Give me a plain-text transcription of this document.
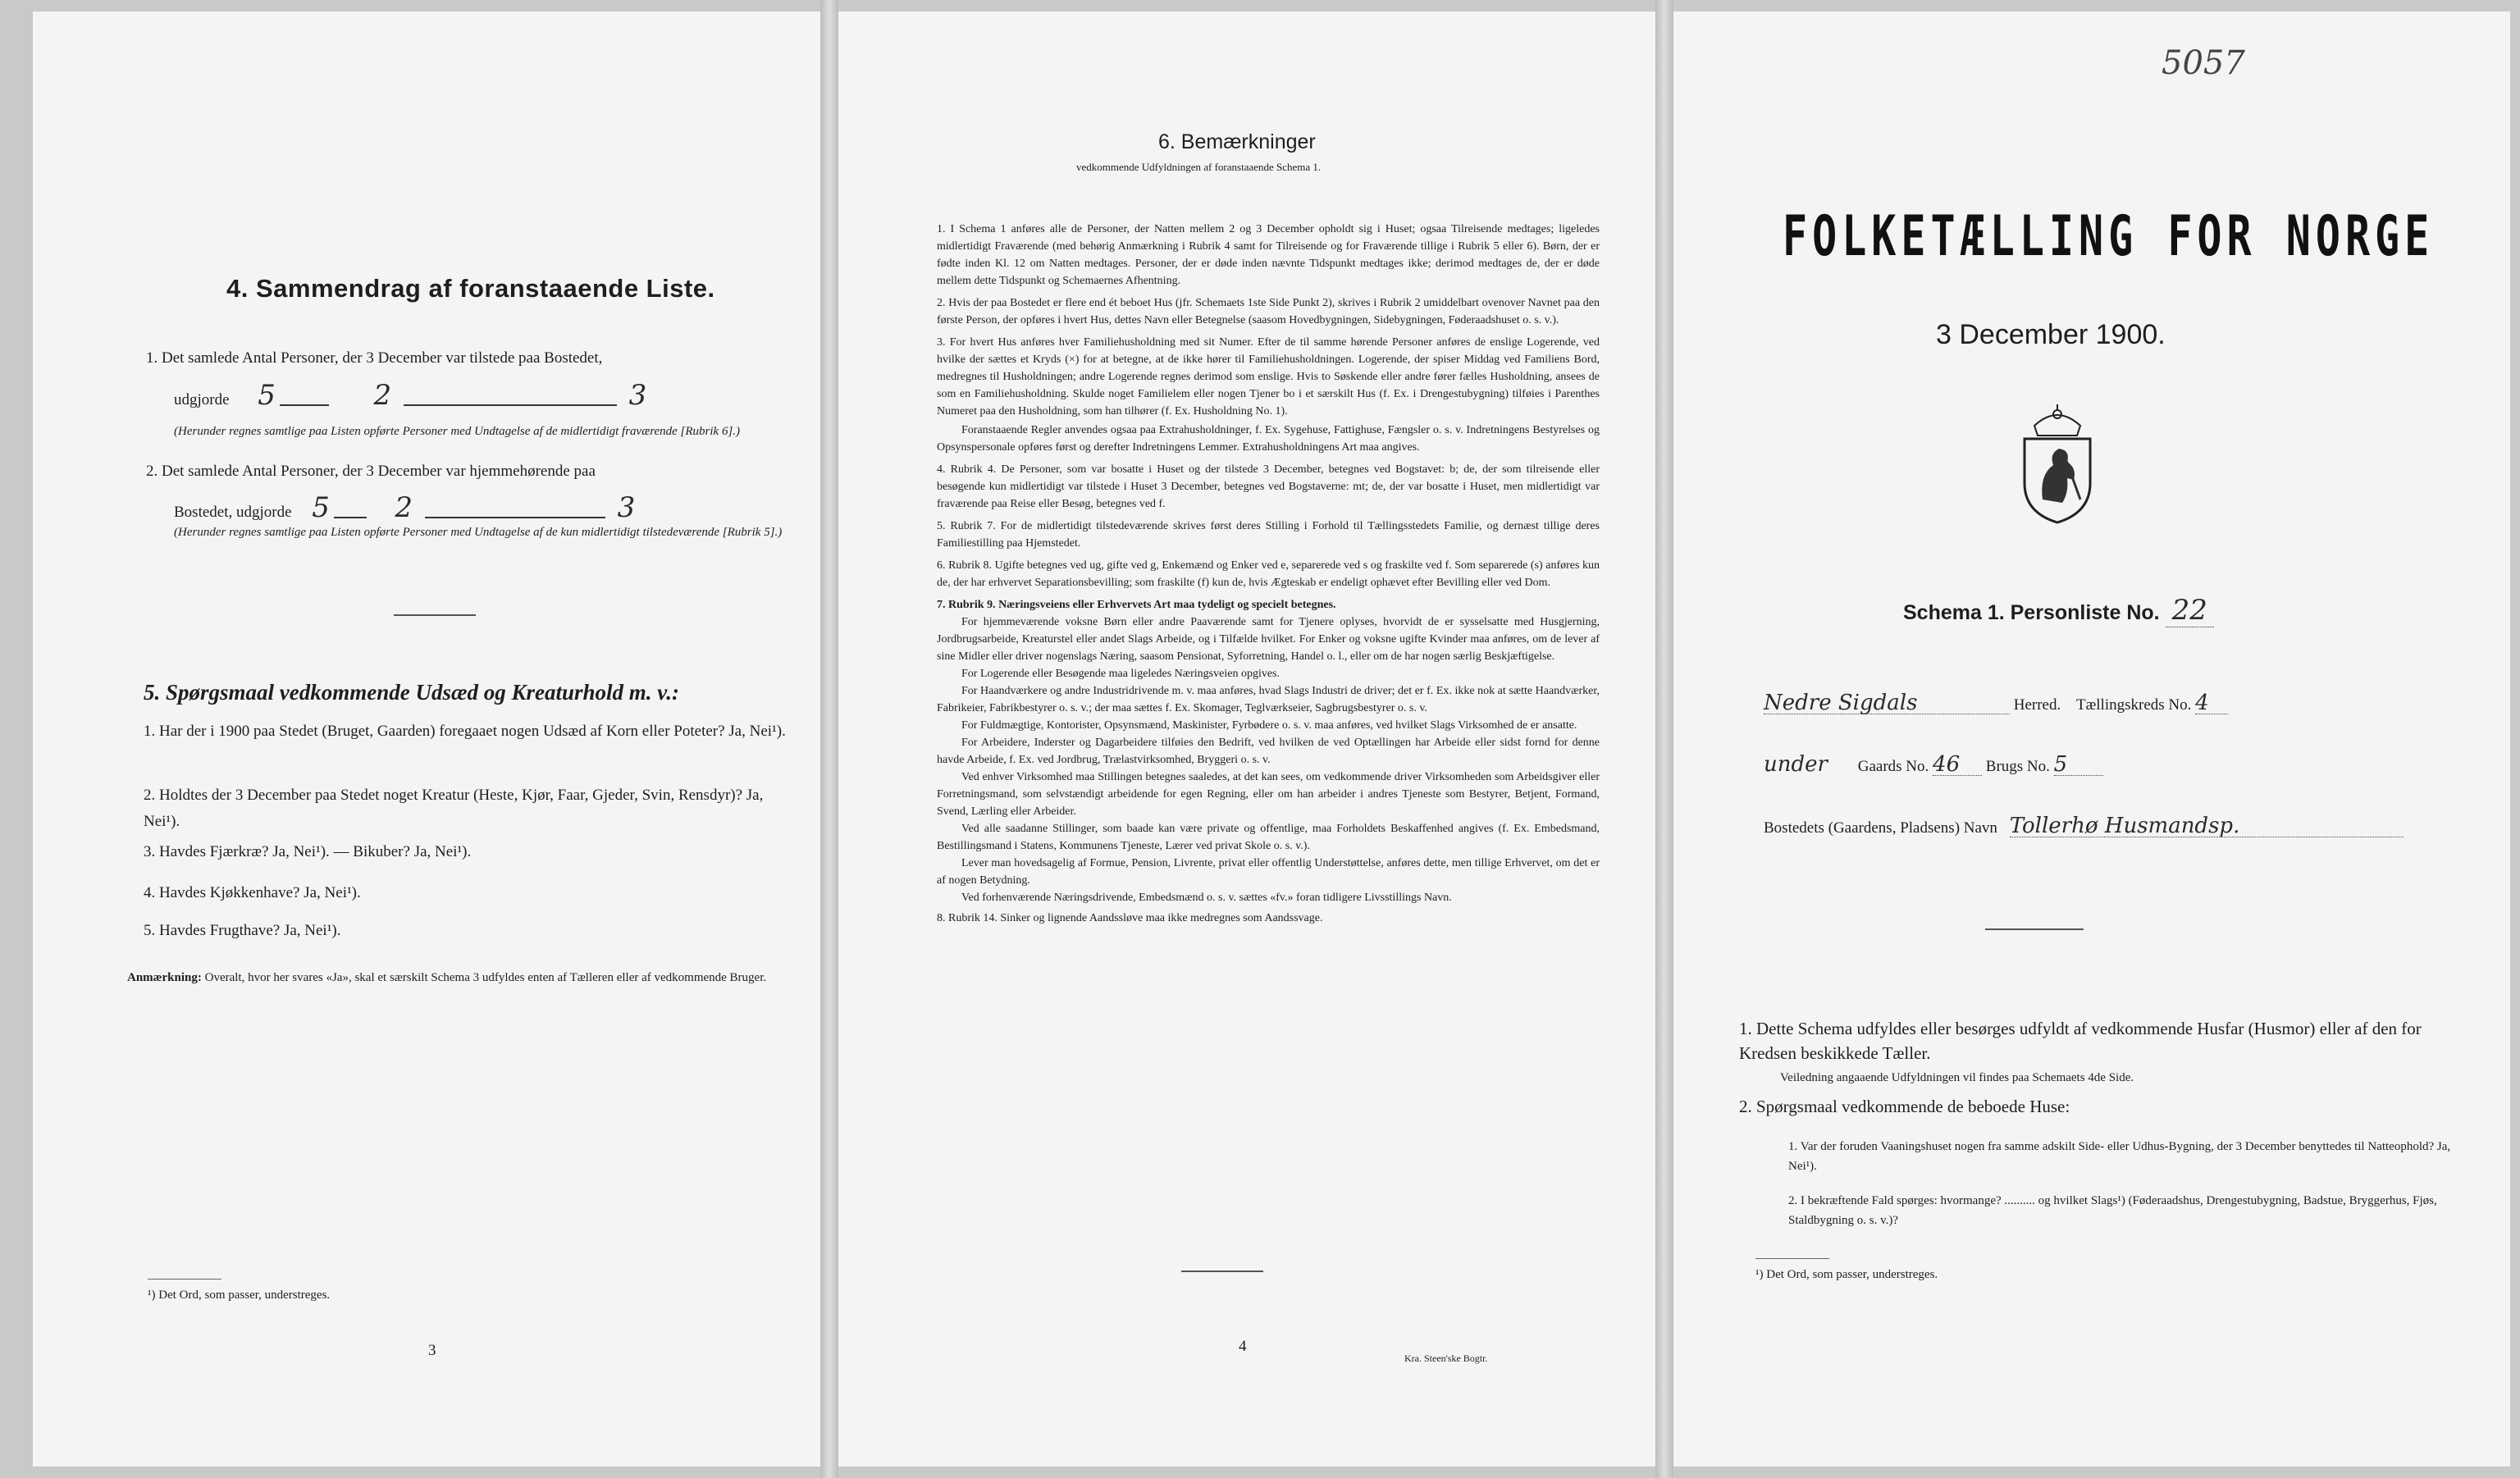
4. Sammendrag af foranstaaende Liste.
1. Det samlede Antal Personer, der 3 December var tilstede paa Bostedet,
udgjorde 5	2	3
(Herunder regnes samtlige paa Listen opførte Personer med Undtagelse af de midlertidigt fraværende [Rubrik 6].)
2. Det samlede Antal Personer, der 3 December var hjemmehørende paa
Bostedet, udgjorde 5 2	3
(Herunder regnes samtlige paa Listen opførte Personer med Undtagelse af de kun midlertidigt tilstedeværende [Rubrik 5].)
5. Spørgsmaal vedkommende Udsæd og Kreaturhold m. v.:
1. Har der i 1900 paa Stedet (Bruget, Gaarden) foregaaet nogen Udsæd af Korn eller Poteter? Ja, Nei¹).
2. Holdtes der 3 December paa Stedet noget Kreatur (Heste, Kjør, Faar, Gjeder, Svin, Rensdyr)? Ja, Nei¹).
3. Havdes Fjærkræ? Ja, Nei¹). — Bikuber? Ja, Nei¹).
4. Havdes Kjøkkenhave? Ja, Nei¹).
5. Havdes Frugthave? Ja, Nei¹).
Anmærkning: Overalt, hvor her svares «Ja», skal et særskilt Schema 3 udfyldes enten af Tælleren eller af vedkommende Bruger.
¹) Det Ord, som passer, understreges.
3
6. Bemærkninger
vedkommende Udfyldningen af foranstaaende Schema 1.
1. I Schema 1 anføres alle de Personer, der Natten mellem 2 og 3 December opholdt sig i Huset; ogsaa Tilreisende medtages; ligeledes midlertidigt Fraværende (med behørig Anmærkning i Rubrik 4 samt for Tilreisende og for Fraværende tillige i Rubrik 5 eller 6). Børn, der er fødte inden Kl. 12 om Natten medtages. Personer, der er døde inden nævnte Tidspunkt medtages ikke; derimod medtages de, der er døde mellem dette Tidspunkt og Schemaernes Afhentning.
2. Hvis der paa Bostedet er flere end ét beboet Hus (jfr. Schemaets 1ste Side Punkt 2), skrives i Rubrik 2 umiddelbart ovenover Navnet paa den første Person, der opføres i hvert Hus, dettes Navn eller Betegnelse (saasom Hovedbygningen, Sidebygningen, Føderaadshuset o. s. v.).
3. For hvert Hus anføres hver Familiehusholdning med sit Numer. Efter de til samme hørende Personer anføres de enslige Logerende, ved hvilke der sættes et Kryds (×) for at betegne, at de ikke hører til Familiehusholdningen. Logerende, der spiser Middag ved Familiens Bord, medregnes til Husholdningen; andre Logerende regnes derimod som enslige. Hvis to Søskende eller andre fører fælles Husholdning, ansees de som en Familiehusholdning. Skulde noget Familielem eller nogen Tjener bo i et særskilt Hus (f. Ex. i Drengestubygning) tilføies i Parenthes Numeret paa den Husholdning, som han tilhører (f. Ex. Husholdning No. 1).
Foranstaaende Regler anvendes ogsaa paa Extrahusholdninger, f. Ex. Sygehuse, Fattighuse, Fængsler o. s. v. Indretningens Bestyrelses og Opsynspersonale opføres først og derefter Indretningens Lemmer. Extrahusholdningens Art maa angives.
4. Rubrik 4. De Personer, som var bosatte i Huset og der tilstede 3 December, betegnes ved Bogstavet: b; de, der som tilreisende eller besøgende kun midlertidigt var tilstede i Huset 3 December, betegnes ved Bogstaverne: mt; de, der var bosatte i Huset, men midlertidigt var fraværende paa Reise eller Besøg, betegnes ved f.
5. Rubrik 7. For de midlertidigt tilstedeværende skrives først deres Stilling i Forhold til Tællingsstedets Familie, og dernæst tillige deres Familiestilling paa Hjemstedet.
6. Rubrik 8. Ugifte betegnes ved ug, gifte ved g, Enkemænd og Enker ved e, separerede ved s og fraskilte ved f. Som separerede (s) anføres kun de, der har erhvervet Separationsbevilling; som fraskilte (f) kun de, hvis Ægteskab er endeligt ophævet efter Bevilling eller ved Dom.
7. Rubrik 9. Næringsveiens eller Erhvervets Art maa tydeligt og specielt betegnes.
For hjemmeværende voksne Børn eller andre Paaværende samt for Tjenere oplyses, hvorvidt de er sysselsatte med Husgjerning, Jordbrugsarbeide, Kreaturstel eller andet Slags Arbeide, og i Tilfælde hvilket. For Enker og voksne ugifte Kvinder maa anføres, om de lever af sine Midler eller driver nogenslags Næring, saasom Pensionat, Syforretning, Handel o. l., eller om de har nogen særlig Beskjæftigelse.
For Logerende eller Besøgende maa ligeledes Næringsveien opgives.
For Haandværkere og andre Industridrivende m. v. maa anføres, hvad Slags Industri de driver; det er f. Ex. ikke nok at sætte Haandværker, Fabrikeier, Fabrikbestyrer o. s. v.; der maa sættes f. Ex. Skomager, Teglværkseier, Sagbrugsbestyrer o. s. v.
For Fuldmægtige, Kontorister, Opsynsmænd, Maskinister, Fyrbødere o. s. v. maa anføres, ved hvilket Slags Virksomhed de er ansatte.
For Arbeidere, Inderster og Dagarbeidere tilføies den Bedrift, ved hvilken de ved Optællingen har Arbeide eller sidst fornd for denne havde Arbeide, f. Ex. ved Jordbrug, Trælastvirksomhed, Bryggeri o. s. v.
Ved enhver Virksomhed maa Stillingen betegnes saaledes, at det kan sees, om vedkommende driver Virksomheden som Arbeidsgiver eller Forretningsmand, som selvstændigt arbeidende for egen Regning, eller om han arbeider i andres Tjeneste som Bestyrer, Betjent, Formand, Svend, Lærling eller Arbeider.
Ved alle saadanne Stillinger, som baade kan være private og offentlige, maa Forholdets Beskaffenhed angives (f. Ex. Embedsmand, Bestillingsmand i Statens, Kommunens Tjeneste, Lærer ved privat Skole o. s. v.).
Lever man hovedsagelig af Formue, Pension, Livrente, privat eller offentlig Understøttelse, anføres dette, men tillige Erhvervet, om det er af nogen Betydning.
Ved forhenværende Næringsdrivende, Embedsmænd o. s. v. sættes «fv.» foran tidligere Livsstillings Navn.
8. Rubrik 14. Sinker og lignende Aandssløve maa ikke medregnes som Aandssvage.
4
Kra. Steen'ske Bogtr.
5057
FOLKETÆLLING FOR NORGE
3 December 1900.
Schema 1. Personliste No. 22
Nedre Sigdals	Herred. Tællingskreds No. 4
under Gaards No. 46 Brugs No. 5
Bostedets (Gaardens, Pladsens) Navn Tollerhø Husmandsp.
1. Dette Schema udfyldes eller besørges udfyldt af vedkommende Husfar (Husmor) eller af den for Kredsen beskikkede Tæller.
Veiledning angaaende Udfyldningen vil findes paa Schemaets 4de Side.
2. Spørgsmaal vedkommende de beboede Huse:
1. Var der foruden Vaaningshuset nogen fra samme adskilt Side- eller Udhus-Bygning, der 3 December benyttedes til Natteophold? Ja, Nei¹).
2. I bekræftende Fald spørges: hvormange? .......... og hvilket Slags¹) (Føderaadshus, Drengestubygning, Badstue, Bryggerhus, Fjøs, Staldbygning o. s. v.)?
¹) Det Ord, som passer, understreges.
